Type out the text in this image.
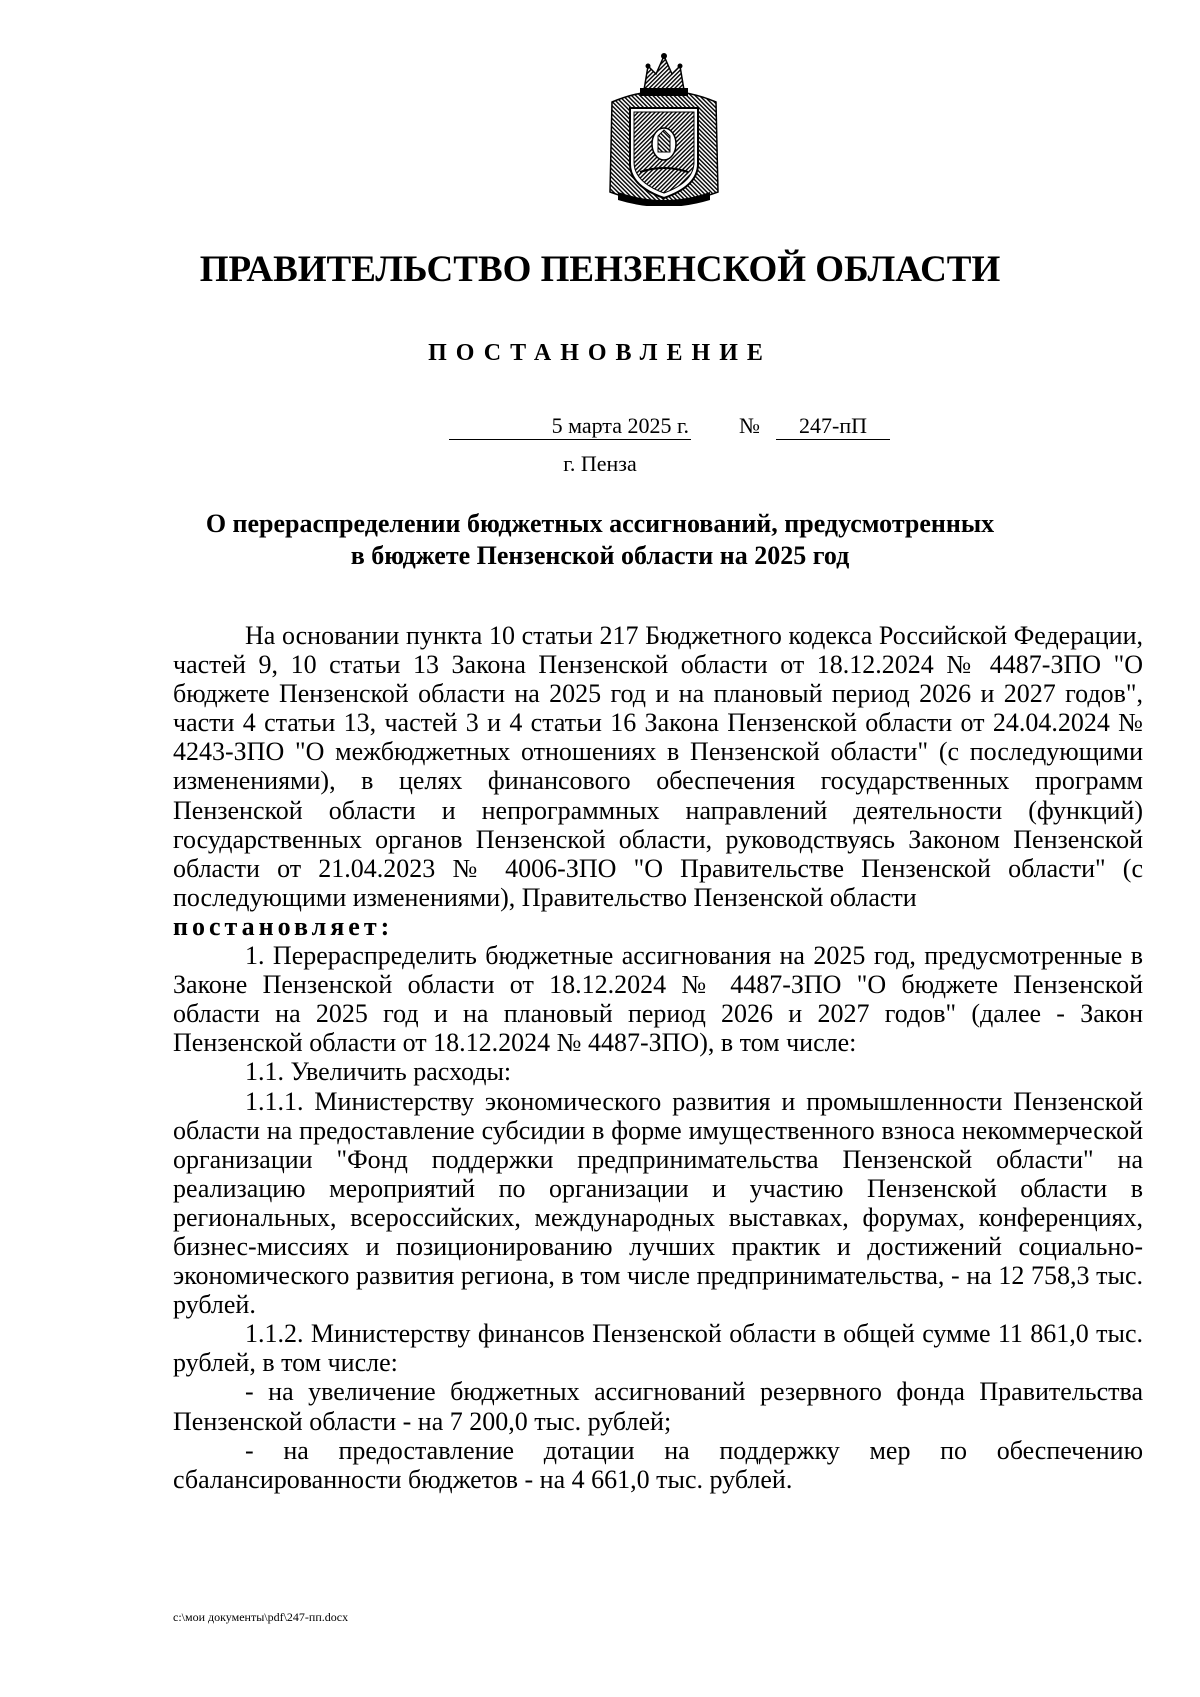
ПРАВИТЕЛЬСТВО ПЕНЗЕНСКОЙ ОБЛАСТИ
ПОСТАНОВЛЕНИЕ
5 марта 2025 г. №	247-пП
г. Пенза
О перераспределении бюджетных ассигнований, предусмотренных
в бюджете Пензенской области на 2025 год

На основании пункта 10 статьи 217 Бюджетного кодекса Российской Федерации, частей 9, 10 статьи 13 Закона Пензенской области от 18.12.2024 № 4487-ЗПО "О бюджете Пензенской области на 2025 год и на плановый период 2026 и 2027 годов", части 4 статьи 13, частей 3 и 4 статьи 16 Закона Пензенской области от 24.04.2024 № 4243-ЗПО "О межбюджетных отношениях в Пензенской области" (с последующими изменениями), в целях финансового обеспечения государственных программ Пензенской области и непрограммных направлений деятельности (функций) государственных органов Пензенской области, руководствуясь Законом Пензенской области от 21.04.2023 № 4006-ЗПО "О Правительстве Пензенской области" (с последующими изменениями), Правительство Пензенской области

постановляет:

1. Перераспределить бюджетные ассигнования на 2025 год, предусмотренные в Законе Пензенской области от 18.12.2024 № 4487-ЗПО "О бюджете Пензенской области на 2025 год и на плановый период 2026 и 2027 годов" (далее - Закон Пензенской области от 18.12.2024 № 4487-ЗПО), в том числе:

1.1. Увеличить расходы:

1.1.1. Министерству экономического развития и промышленности Пензенской области на предоставление субсидии в форме имущественного взноса некоммерческой организации "Фонд поддержки предпринимательства Пензенской области" на реализацию мероприятий по организации и участию Пензенской области в региональных, всероссийских, международных выставках, форумах, конференциях, бизнес-миссиях и позиционированию лучших практик и достижений социально-экономического развития региона, в том числе предпринимательства, - на 12 758,3 тыс. рублей.

1.1.2. Министерству финансов Пензенской области в общей сумме 11 861,0 тыс. рублей, в том числе:

- на увеличение бюджетных ассигнований резервного фонда Правительства Пензенской области - на 7 200,0 тыс. рублей;

- на предоставление дотации на поддержку мер по обеспечению сбалансированности бюджетов - на 4 661,0 тыс. рублей.

c:\мои документы\pdf\247-пп.docx
